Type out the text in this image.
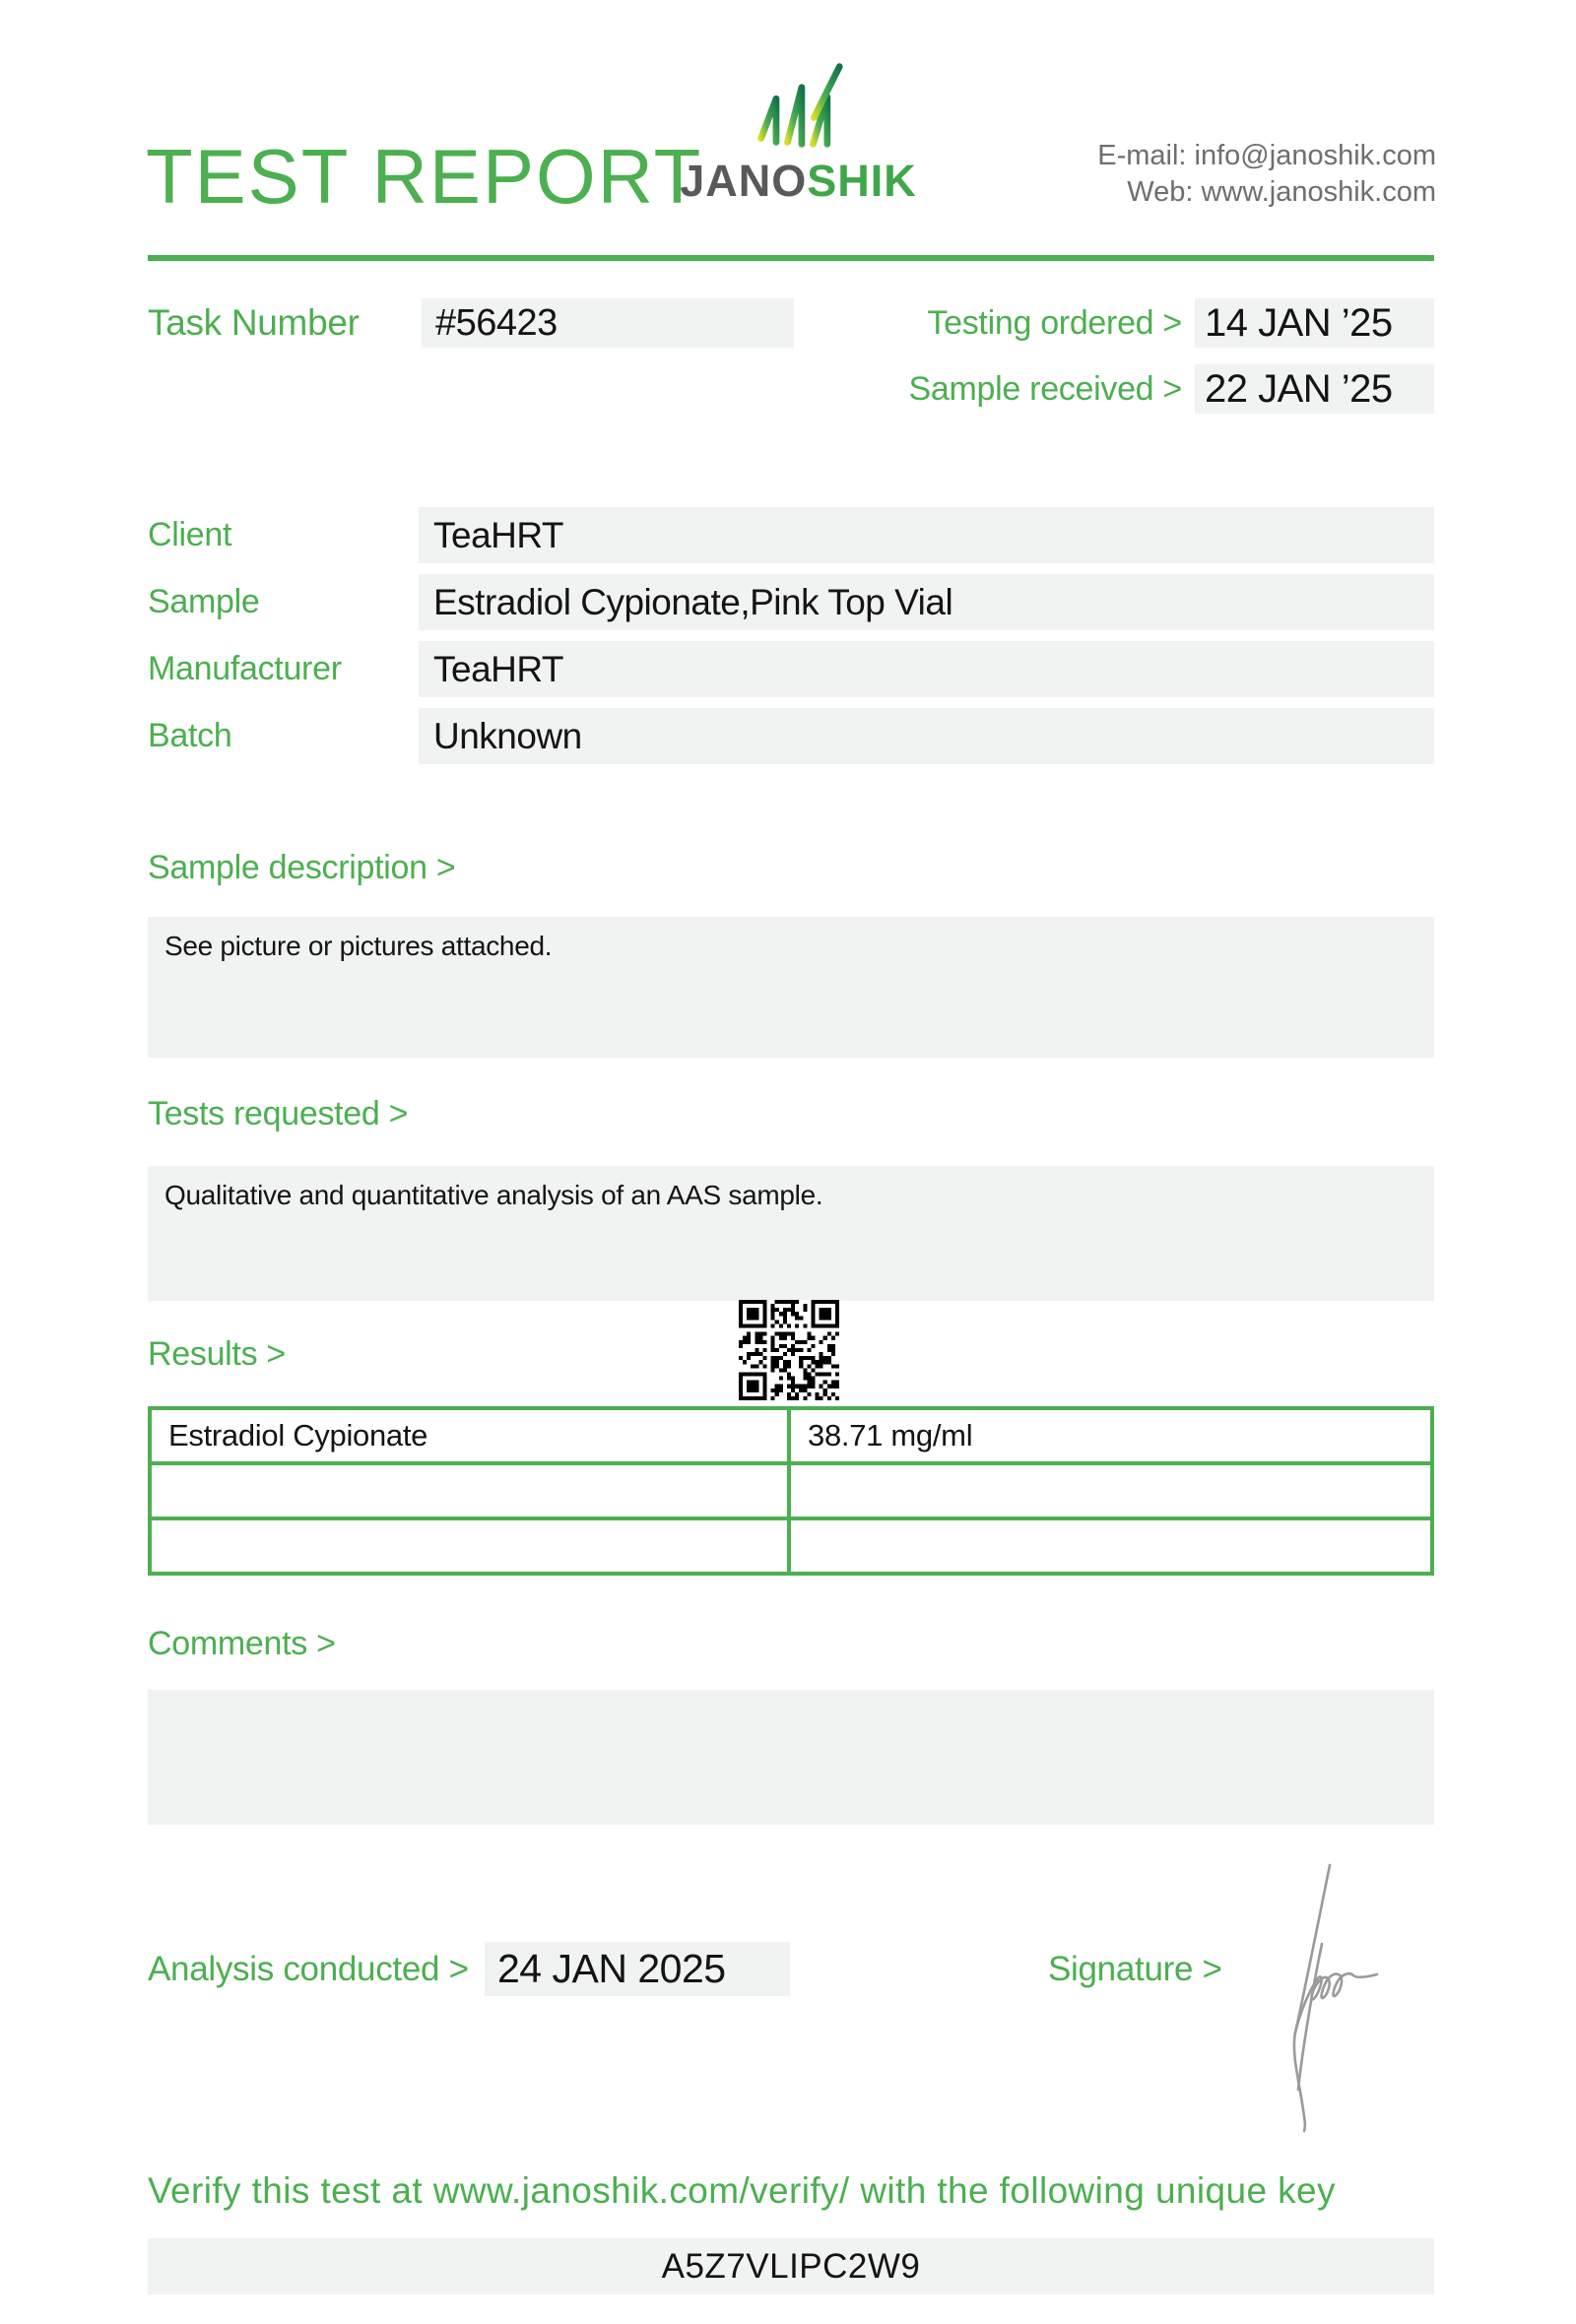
TEST REPORT
JANOSHIK	E-mail: info@janoshik.com
Web: www.janoshik.com
Task Number	#56423	Testing ordered > 14 JAN ’25
Sample received > 22 JAN ’25
Client	TeaHRT
Sample	Estradiol Cypionate,Pink Top Vial
Manufacturer	TeaHRT
Batch	Unknown
Sample description >

See picture or pictures attached.

Tests requested >

Qualitative and quantitative analysis of an AAS sample.

Results >
Estradiol Cypionate	38.71 mg/ml
Comments >

Analysis conducted > 24 JAN 2025	Signature >
Verify this test at www.janoshik.com/verify/ with the following unique key
A5Z7VLIPC2W9
